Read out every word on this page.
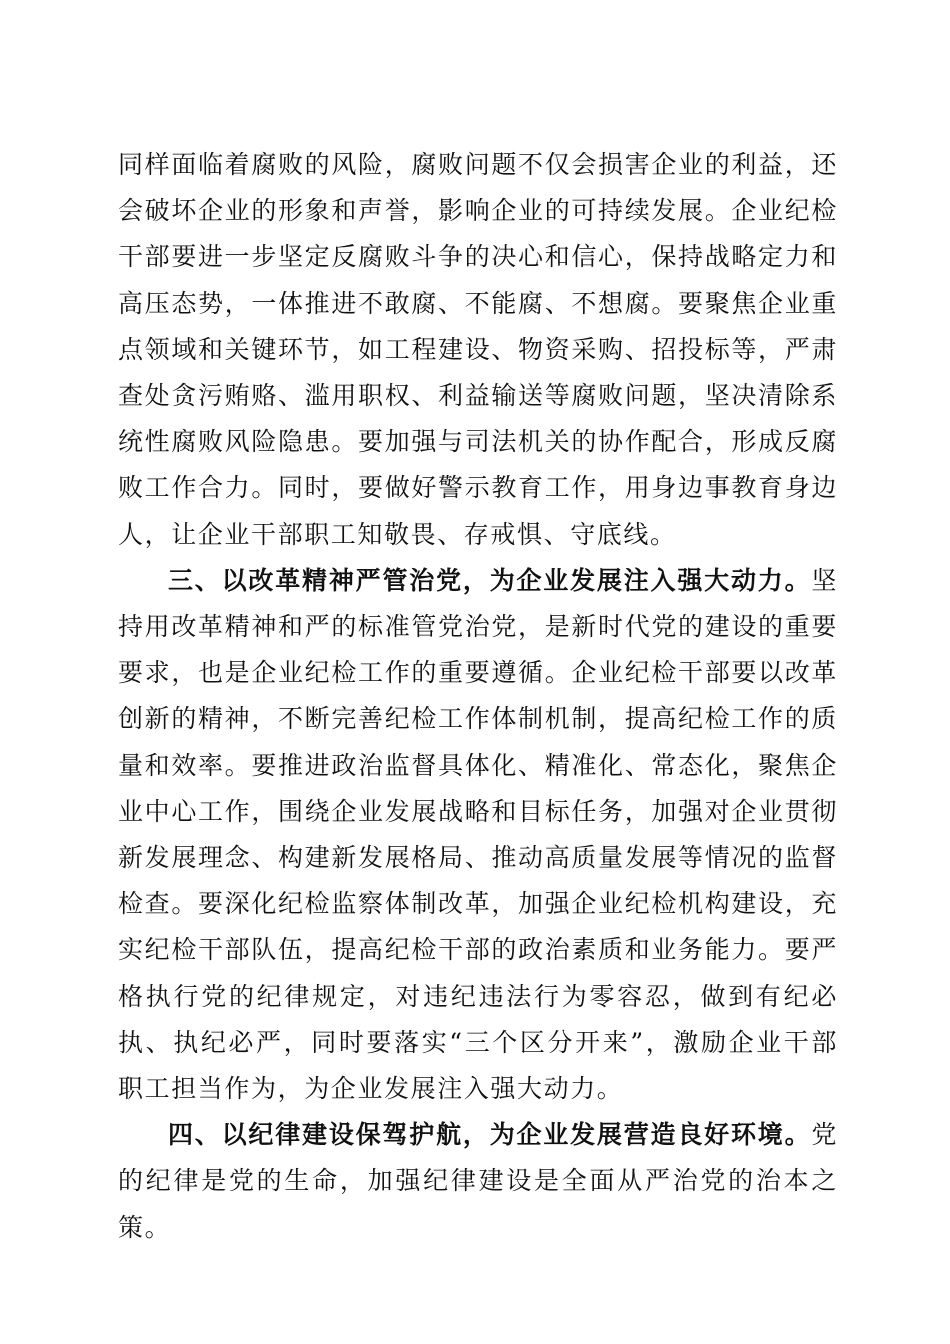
同样面临着腐败的风险，腐败问题不仅会损害企业的利益，还会破坏企业的形象和声誉，影响企业的可持续发展。企业纪检干部要进一步坚定反腐败斗争的决心和信心，保持战略定力和高压态势，一体推进不敢腐、不能腐、不想腐。要聚焦企业重点领域和关键环节，如工程建设、物资采购、招投标等，严肃查处贪污贿赂、滥用职权、利益输送等腐败问题，坚决清除系统性腐败风险隐患。要加强与司法机关的协作配合，形成反腐败工作合力。同时，要做好警示教育工作，用身边事教育身边人，让企业干部职工知敬畏、存戒惧、守底线。

三、以改革精神严管治党，为企业发展注入强大动力。坚持用改革精神和严的标准管党治党，是新时代党的建设的重要要求，也是企业纪检工作的重要遵循。企业纪检干部要以改革创新的精神，不断完善纪检工作体制机制，提高纪检工作的质量和效率。要推进政治监督具体化、精准化、常态化，聚焦企业中心工作，围绕企业发展战略和目标任务，加强对企业贯彻新发展理念、构建新发展格局、推动高质量发展等情况的监督检查。要深化纪检监察体制改革，加强企业纪检机构建设，充实纪检干部队伍，提高纪检干部的政治素质和业务能力。要严格执行党的纪律规定，对违纪违法行为零容忍，做到有纪必执、执纪必严，同时要落实“三个区分开来”，激励企业干部职工担当作为，为企业发展注入强大动力。

四、以纪律建设保驾护航，为企业发展营造良好环境。党的纪律是党的生命，加强纪律建设是全面从严治党的治本之策。
